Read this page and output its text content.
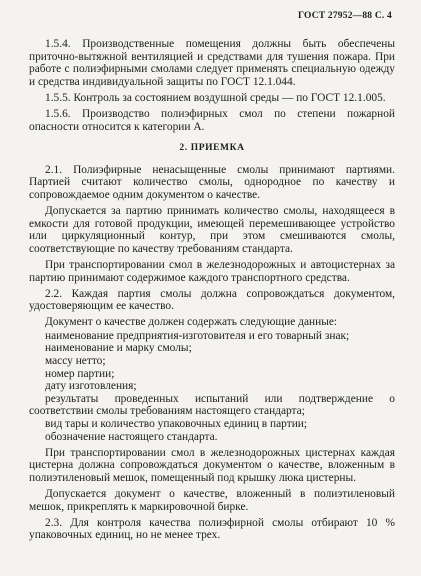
ГОСТ 27952—88 С. 4

1.5.4. Производственные помещения должны быть обеспечены приточно-вытяжной вентиляцией и средствами для тушения пожара. При работе с полиэфирными смолами следует применять специальную одежду и средства индивидуальной защиты по ГОСТ 12.1.044.

1.5.5. Контроль за состоянием воздушной среды — по ГОСТ 12.1.005.

1.5.6. Производство полиэфирных смол по степени пожарной опасности относится к категории А.

2. ПРИЕМКА

2.1. Полиэфирные ненасыщенные смолы принимают партиями. Партией считают количество смолы, однородное по качеству и сопровождаемое одним документом о качестве.

Допускается за партию принимать количество смолы, находящееся в емкости для готовой продукции, имеющей перемешивающее устройство или циркуляционный контур, при этом смешиваются смолы, соответствующие по качеству требованиям стандарта.

При транспортировании смол в железнодорожных и автоцистернах за партию принимают содержимое каждого транспортного средства.

2.2. Каждая партия смолы должна сопровождаться документом, удостоверяющим ее качество.

Документ о качестве должен содержать следующие данные:

наименование предприятия-изготовителя и его товарный знак;

наименование и марку смолы;

массу нетто;

номер партии;

дату изготовления;

результаты проведенных испытаний или подтверждение о соответствии смолы требованиям настоящего стандарта;

вид тары и количество упаковочных единиц в партии;

обозначение настоящего стандарта.

При транспортировании смол в железнодорожных цистернах каждая цистерна должна сопровождаться документом о качестве, вложенным в полиэтиленовый мешок, помещенный под крышку люка цистерны.

Допускается документ о качестве, вложенный в полиэтиленовый мешок, прикреплять к маркировочной бирке.

2.3. Для контроля качества полиэфирной смолы отбирают 10 % упаковочных единиц, но не менее трех.
